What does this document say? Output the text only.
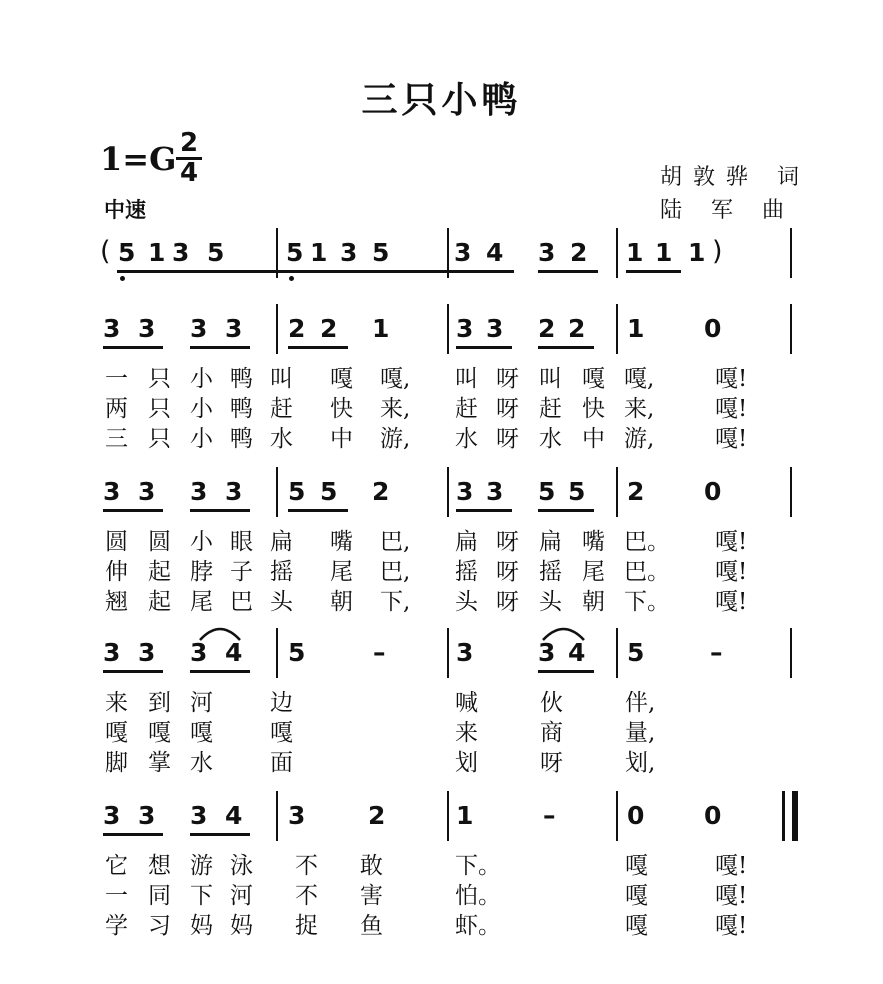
三只小鸭
$1=G \frac{2}{4}$
中速
胡敦骅 词
陆 军 曲
( 5 1 3 5 5 1 3 5	3 4 3 2 1 1 1 )
3 3 3 3 2 2 1	3 3 2 2 1 0
一 只 小 鸭 叫 嘎 嘎, 叫 呀 叫 嘎 嘎,	嘎!
两 只 小 鸭 赶 快 来, 赶 呀 赶 快 来,	嘎!
三 只 小 鸭 水 中 游, 水 呀 水 中 游,	嘎!
3 3 3 3 5 5 2	3 3 5 5 2 0
圆 圆 小 眼 扁 嘴 巴, 扁 呀 扁 嘴 巴。 嘎!
伸 起 脖 子 摇 尾 巴, 摇 呀 摇 尾 巴。 嘎!
翘 起 尾 巴 头 朝 下, 头 呀 头 朝 下。 嘎!
3 3 3 4 5	–	3	3 4 5	–
来 到 河 边	喊	伙	伴,
嘎 嘎 嘎 嘎	来	商	量,
脚 掌 水 面	划	呀	划,
3 3 3 4 3	2	1	–	0 0
它 想 游 泳 不 敢	下。	嘎	嘎!
一 同 下 河 不 害	怕。	嘎	嘎!
学 习 妈 妈 捉 鱼	虾。	嘎	嘎!
